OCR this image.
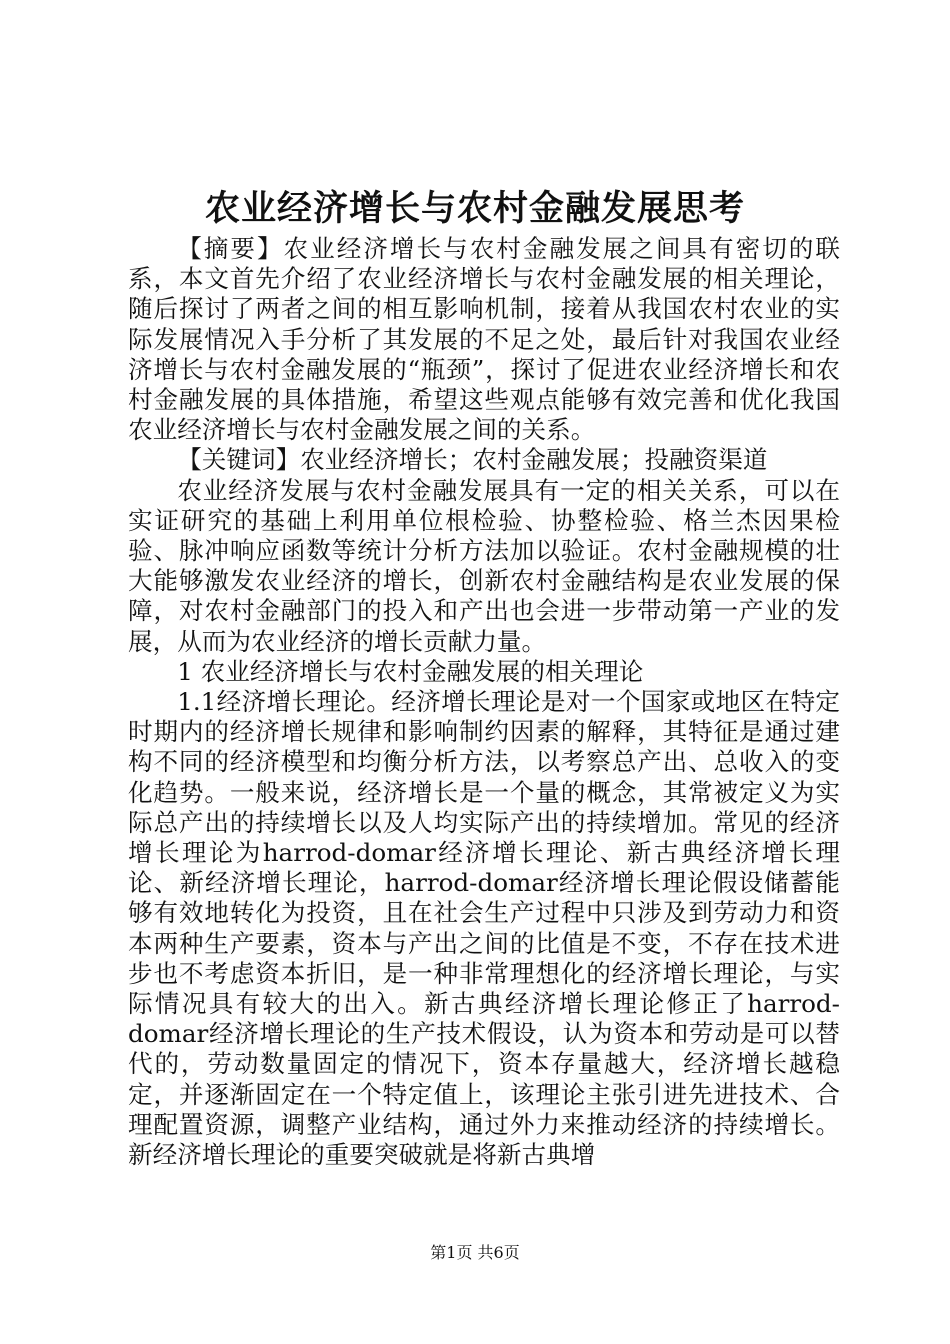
农业经济增长与农村金融发展思考

【摘要】农业经济增长与农村金融发展之间具有密切的联系，本文首先介绍了农业经济增长与农村金融发展的相关理论，随后探讨了两者之间的相互影响机制，接着从我国农村农业的实际发展情况入手分析了其发展的不足之处，最后针对我国农业经济增长与农村金融发展的“瓶颈”，探讨了促进农业经济增长和农村金融发展的具体措施，希望这些观点能够有效完善和优化我国农业经济增长与农村金融发展之间的关系。

【关键词】农业经济增长；农村金融发展；投融资渠道

农业经济发展与农村金融发展具有一定的相关关系，可以在实证研究的基础上利用单位根检验、协整检验、格兰杰因果检验、脉冲响应函数等统计分析方法加以验证。农村金融规模的壮大能够激发农业经济的增长，创新农村金融结构是农业发展的保障，对农村金融部门的投入和产出也会进一步带动第一产业的发展，从而为农业经济的增长贡献力量。

1 农业经济增长与农村金融发展的相关理论

1.1经济增长理论。经济增长理论是对一个国家或地区在特定时期内的经济增长规律和影响制约因素的解释，其特征是通过建构不同的经济模型和均衡分析方法，以考察总产出、总收入的变化趋势。一般来说，经济增长是一个量的概念，其常被定义为实际总产出的持续增长以及人均实际产出的持续增加。常见的经济增长理论为harrod-domar经济增长理论、新古典经济增长理论、新经济增长理论，harrod-domar经济增长理论假设储蓄能够有效地转化为投资，且在社会生产过程中只涉及到劳动力和资本两种生产要素，资本与产出之间的比值是不变，不存在技术进步也不考虑资本折旧，是一种非常理想化的经济增长理论，与实际情况具有较大的出入。新古典经济增长理论修正了harrod-domar经济增长理论的生产技术假设，认为资本和劳动是可以替代的，劳动数量固定的情况下，资本存量越大，经济增长越稳定，并逐渐固定在一个特定值上，该理论主张引进先进技术、合理配置资源，调整产业结构，通过外力来推动经济的持续增长。新经济增长理论的重要突破就是将新古典增

第1页 共6页
